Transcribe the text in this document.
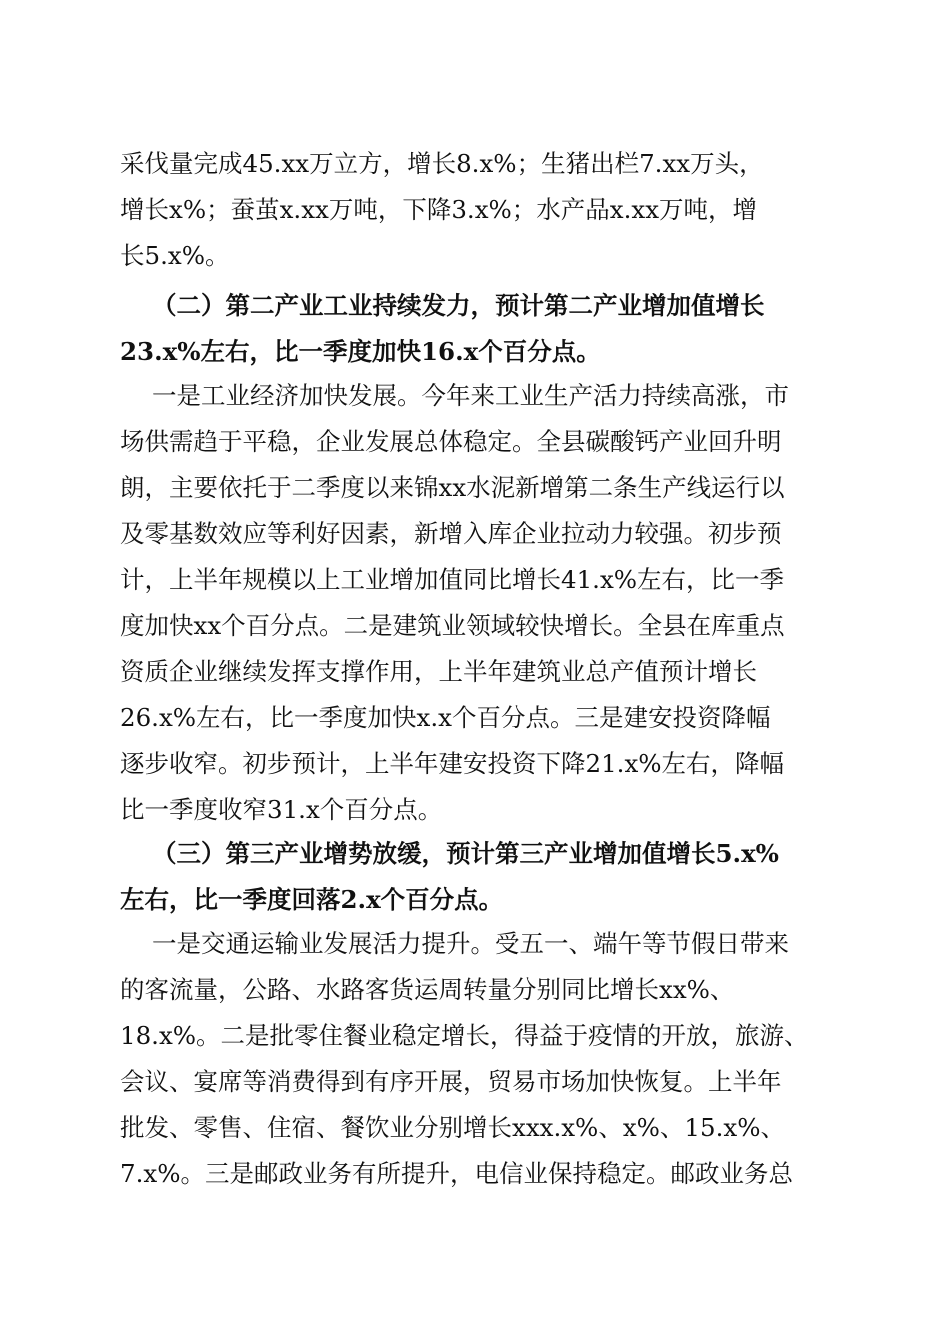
采伐量完成45.xx万立方，增长8.x%；生猪出栏7.xx万头，
增长x%；蚕茧x.xx万吨，下降3.x%；水产品x.xx万吨，增
长5.x%。
（二）第二产业工业持续发力，预计第二产业增加值增长
23.x%左右，比一季度加快16.x个百分点。
一是工业经济加快发展。今年来工业生产活力持续高涨，市
场供需趋于平稳，企业发展总体稳定。全县碳酸钙产业回升明
朗，主要依托于二季度以来锦xx水泥新增第二条生产线运行以
及零基数效应等利好因素，新增入库企业拉动力较强。初步预
计，上半年规模以上工业增加值同比增长41.x%左右，比一季
度加快xx个百分点。二是建筑业领域较快增长。全县在库重点
资质企业继续发挥支撑作用，上半年建筑业总产值预计增长
26.x%左右，比一季度加快x.x个百分点。三是建安投资降幅
逐步收窄。初步预计，上半年建安投资下降21.x%左右，降幅
比一季度收窄31.x个百分点。
（三）第三产业增势放缓，预计第三产业增加值增长5.x%
左右，比一季度回落2.x个百分点。
一是交通运输业发展活力提升。受五一、端午等节假日带来
的客流量，公路、水路客货运周转量分别同比增长xx%、
18.x%。二是批零住餐业稳定增长，得益于疫情的开放，旅游、
会议、宴席等消费得到有序开展，贸易市场加快恢复。上半年
批发、零售、住宿、餐饮业分别增长xxx.x%、x%、15.x%、
7.x%。三是邮政业务有所提升，电信业保持稳定。邮政业务总
